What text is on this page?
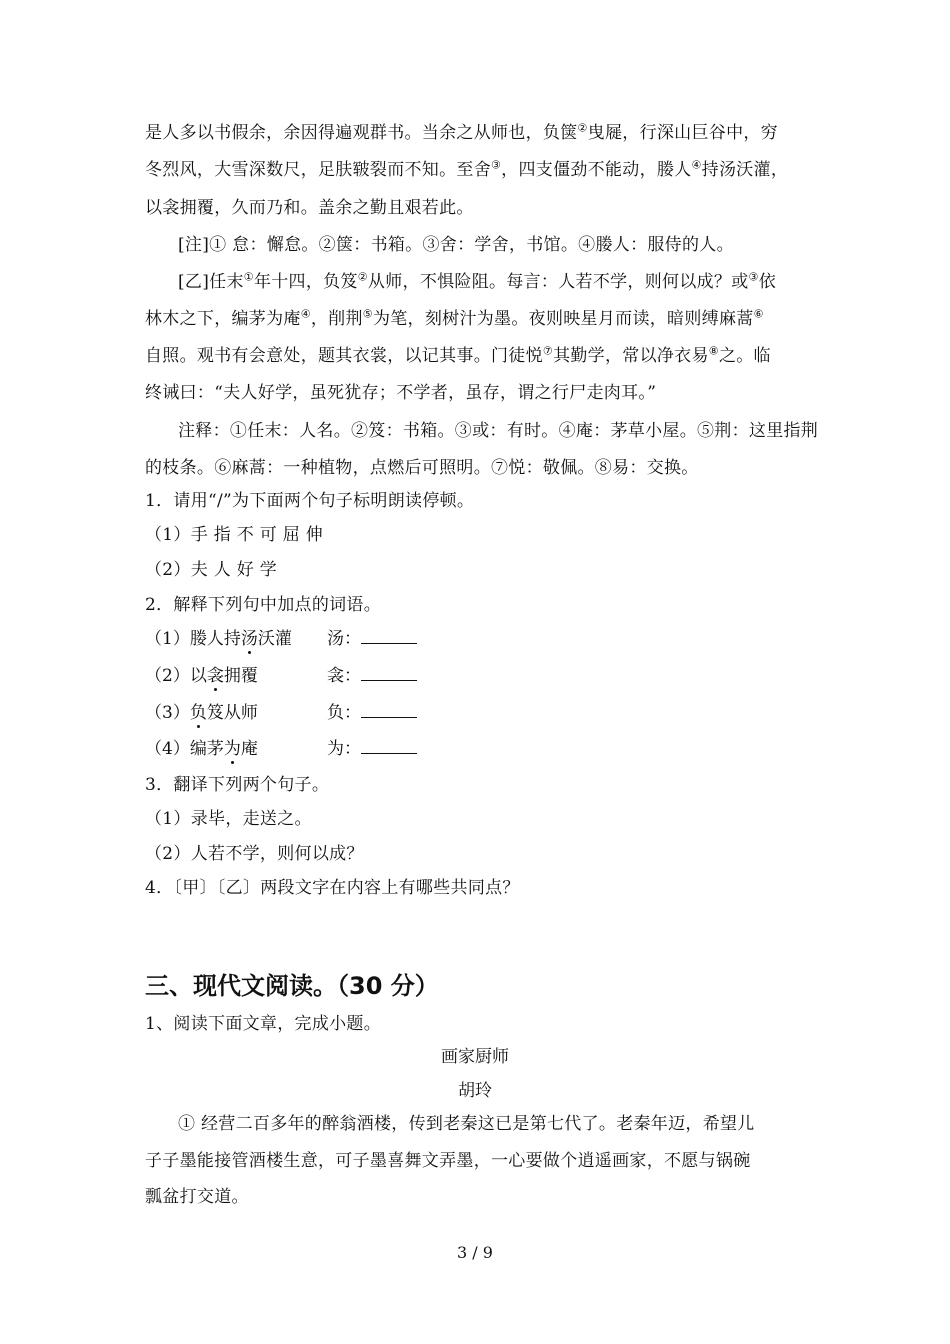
是人多以书假余，余因得遍观群书。当余之从师也，负箧②曳屣，行深山巨谷中，穷
冬烈风，大雪深数尺，足肤皲裂而不知。至舍③，四支僵劲不能动，媵人④持汤沃灌，
以衾拥覆，久而乃和。盖余之勤且艰若此。
[注]① 怠：懈怠。②箧：书箱。③舍：学舍，书馆。④媵人：服侍的人。
[乙]任末①年十四，负笈②从师，不惧险阻。每言：人若不学，则何以成？或③依
林木之下，编茅为庵④，削荆⑤为笔，刻树汁为墨。夜则映星月而读，暗则缚麻蒿⑥
自照。观书有会意处，题其衣裳，以记其事。门徒悦⑦其勤学，常以净衣易⑧之。临
终诫曰：“夫人好学，虽死犹存；不学者，虽存，谓之行尸走肉耳。”
注释：①任末：人名。②笈：书箱。③或：有时。④庵：茅草小屋。⑤荆：这里指荆
的枝条。⑥麻蒿：一种植物，点燃后可照明。⑦悦：敬佩。⑧易：交换。
1．请用“/”为下面两个句子标明朗读停顿。
（1）手 指 不 可 屈 伸
（2）夫 人 好 学
2．解释下列句中加点的词语。
（1）媵人持汤沃灌 汤：
（2）以衾拥覆	衾：
（3）负笈从师	负：
（4）编茅为庵	为：
3．翻译下列两个句子。
（1）录毕，走送之。
（2）人若不学，则何以成？
4．〔甲〕〔乙〕两段文字在内容上有哪些共同点？
三、现代文阅读。（30 分）
1、阅读下面文章，完成小题。
画家厨师
胡玲
① 经营二百多年的醉翁酒楼，传到老秦这已是第七代了。老秦年迈，希望儿
子子墨能接管酒楼生意，可子墨喜舞文弄墨，一心要做个逍遥画家，不愿与锅碗
瓢盆打交道。
3 / 9
